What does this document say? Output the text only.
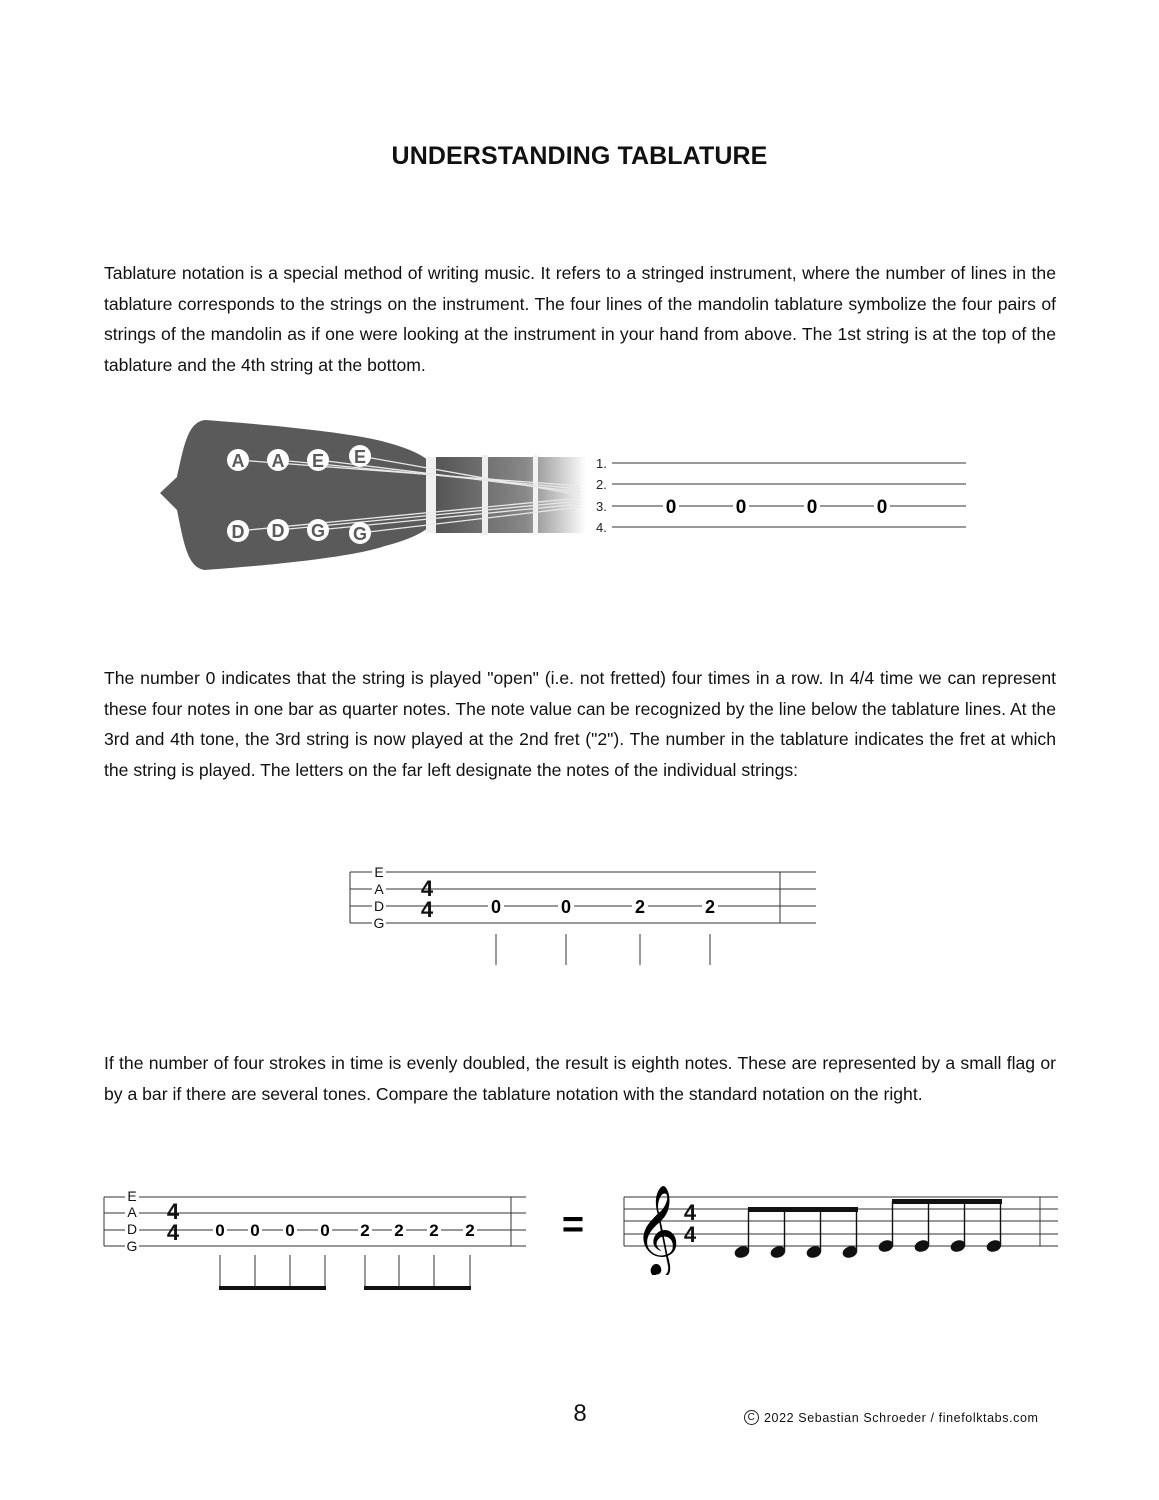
UNDERSTANDING TABLATURE

Tablature notation is a special method of writing music. It refers to a stringed instrument, where the number of lines in the tablature corresponds to the strings on the instrument. The four lines of the mandolin tablature symbolize the four pairs of strings of the mandolin as if one were looking at the instrument in your hand from above. The 1st string is at the top of the tablature and the 4th string at the bottom.

A A E E
D D G G
1.
2.
3.
4.
0	0	0	0

The number 0 indicates that the string is played "open" (i.e. not fretted) four times in a row. In 4/4 time we can represent these four notes in one bar as quarter notes. The note value can be recognized by the line below the tablature lines. At the 3rd and 4th tone, the 3rd string is now played at the 2nd fret ("2"). The number in the tablature indicates the fret at which the string is played. The letters on the far left designate the notes of the individual strings:

E
A
D
G
4
4	0	0	2	2

If the number of four strokes in time is evenly doubled, the result is eighth notes. These are represented by a small flag or by a bar if there are several tones. Compare the tablature notation with the standard notation on the right.

E
A
D
G
4
4 0 0 0 0 2 2 2 2 = 𝄞 4
4
8	C 2022 Sebastian Schroeder / finefolktabs.com
